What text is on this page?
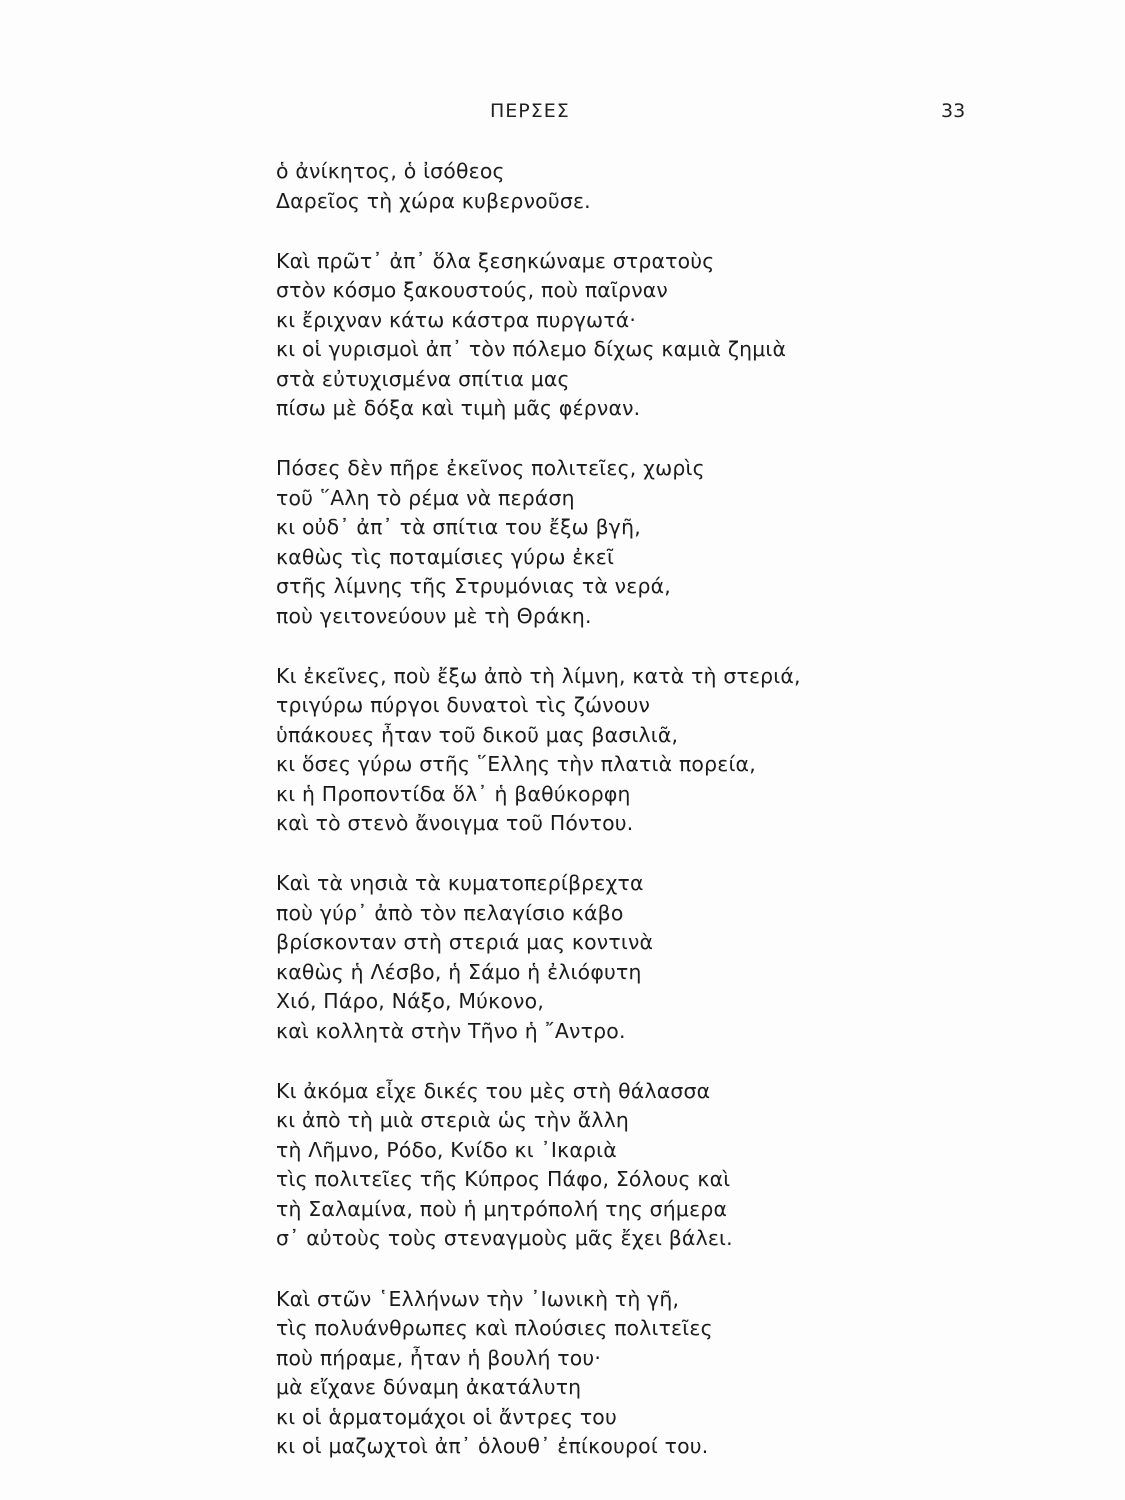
ΠΕΡΣΕΣ	33
ὁ ἀνίκητος, ὁ ἰσόθεος
Δαρεῖος τὴ χώρα κυβερνοῦσε.
Καὶ πρῶτ᾿ ἀπ᾿ ὅλα ξεσηκώναμε στρατοὺς
στὸν κόσμο ξακουστούς, ποὺ παῖρναν
κι ἔριχναν κάτω κάστρα πυργωτά·
κι οἱ γυρισμοὶ ἀπ᾿ τὸν πόλεμο δίχως καμιὰ ζημιὰ
στὰ εὐτυχισμένα σπίτια μας
πίσω μὲ δόξα καὶ τιμὴ μᾶς φέρναν.
Πόσες δὲν πῆρε ἐκεῖνος πολιτεῖες, χωρὶς
τοῦ ῞Αλη τὸ ρέμα νὰ περάση
κι οὐδ᾿ ἀπ᾿ τὰ σπίτια του ἔξω βγῆ,
καθὼς τὶς ποταμίσιες γύρω ἐκεῖ
στῆς λίμνης τῆς Στρυμόνιας τὰ νερά,
ποὺ γειτονεύουν μὲ τὴ Θράκη.
Κι ἐκεῖνες, ποὺ ἔξω ἀπὸ τὴ λίμνη, κατὰ τὴ στεριά,
τριγύρω πύργοι δυνατοὶ τὶς ζώνουν
ὑπάκουες ἦταν τοῦ δικοῦ μας βασιλιᾶ,
κι ὅσες γύρω στῆς ῞Ελλης τὴν πλατιὰ πορεία,
κι ἡ Προποντίδα ὅλ᾿ ἡ βαθύκορφη
καὶ τὸ στενὸ ἄνοιγμα τοῦ Πόντου.
Καὶ τὰ νησιὰ τὰ κυματοπερίβρεχτα
ποὺ γύρ᾿ ἀπὸ τὸν πελαγίσιο κάβο
βρίσκονταν στὴ στεριά μας κοντινὰ
καθὼς ἡ Λέσβο, ἡ Σάμο ἡ ἐλιόφυτη
Χιό, Πάρο, Νάξο, Μύκονο,
καὶ κολλητὰ στὴν Τῆνο ἡ ῎Αντρο.
Κι ἀκόμα εἶχε δικές του μὲς στὴ θάλασσα
κι ἀπὸ τὴ μιὰ στεριὰ ὡς τὴν ἄλλη
τὴ Λῆμνο, Ρόδο, Κνίδο κι ᾿Ικαριὰ
τὶς πολιτεῖες τῆς Κύπρος Πάφο, Σόλους καὶ
τὴ Σαλαμίνα, ποὺ ἡ μητρόπολή της σήμερα
σ᾿ αὐτοὺς τοὺς στεναγμοὺς μᾶς ἔχει βάλει.
Καὶ στῶν ῾Ελλήνων τὴν ᾿Ιωνικὴ τὴ γῆ,
τὶς πολυάνθρωπες καὶ πλούσιες πολιτεῖες
ποὺ πήραμε, ἦταν ἡ βουλή του·
μὰ εἴχανε δύναμη ἀκατάλυτη
κι οἱ ἁρματομάχοι οἱ ἄντρες του
κι οἱ μαζωχτοὶ ἀπ᾿ ὁλουθ᾿ ἐπίκουροί του.
